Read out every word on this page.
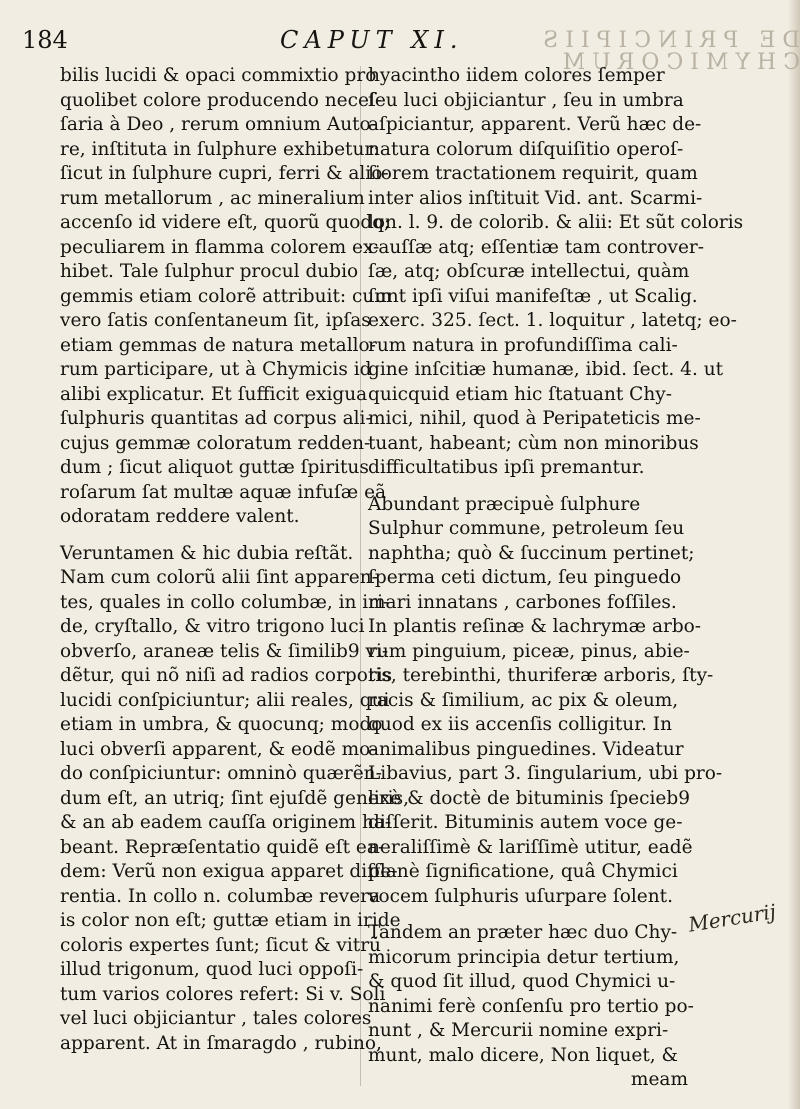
184	CAPUT XI.	DE PRINCIPIIS CHYMICORUM
bilis lucidi & opaci commixtio pro
quolibet colore producendo neceſ-
ſaria à Deo , rerum omnium Auto-
re, inſtituta in ſulphure exhibetur:
ſicut in ſulphure cupri, ferri & alio-
rum metallorum , ac mineralium
accenſo id videre eſt, quorũ quodq;
peculiarem in flamma colorem ex-
hibet. Tale ſulphur procul dubio
gemmis etiam colorẽ attribuit: cum
vero ſatis conſentaneum ſit, ipſas
etiam gemmas de natura metallo-
rum participare, ut à Chymicis id
alibi explicatur. Et ſufficit exigua
ſulphuris quantitas ad corpus ali-
cujus gemmæ coloratum redden-
dum ; ſicut aliquot guttæ ſpiritus
roſarum ſat multæ aquæ infuſæ eã
odoratam reddere valent.
Veruntamen & hic dubia reſtãt.
Nam cum colorũ alii ſint apparen-
tes, quales in collo columbæ, in iri-
de, cryſtallo, & vitro trigono luci
obverſo, araneæ telis & ſimilib9 vi-
dẽtur, qui nõ niſi ad radios corporis
lucidi conſpiciuntur; alii reales, qui
etiam in umbra, & quocunq; modo
luci obverſi apparent, & eodẽ mo-
do conſpiciuntur: omninò quærẽn-
dum eſt, an utriq; ſint ejuſdẽ generis,
& an ab eadem cauſſa originem ha-
beant. Repræſentatio quidẽ eſt ea-
dem: Verũ non exigua apparet diffe-
rentia. In collo n. columbæ revera
is color non eſt; guttæ etiam in iride
coloris expertes ſunt; ſicut & vitrũ
illud trigonum, quod luci oppoſi-
tum varios colores refert: Si v. Soli
vel luci objiciantur , tales colores
apparent. At in ſmaragdo , rubino,
hyacintho iidem colores ſemper
ſeu luci objiciantur , ſeu in umbra
aſpiciantur, apparent. Verũ hæc de-
natura colorum diſquiſitio operoſ-
ſiorem tractationem requirit, quam
inter alios inſtituit Vid. ant. Scarmi-
lon. l. 9. de colorib. & alii: Et sũt coloris
cauſſæ atq; eſſentiæ tam controver-
ſæ, atq; obſcuræ intellectui, quàm
ſunt ipſi viſui manifeſtæ , ut Scalig.
exerc. 325. ſect. 1. loquitur , latetq; eo-
rum natura in profundiſſima cali-
gine inſcitiæ humanæ, ibid. ſect. 4. ut
quicquid etiam hic ſtatuant Chy-
mici, nihil, quod à Peripateticis me-
tuant, habeant; cùm non minoribus
difficultatibus ipſi premantur.
Abundant præcipuè ſulphure
Sulphur commune, petroleum ſeu
naphtha; quò & ſuccinum pertinet;
ſperma ceti dictum, ſeu pinguedo
mari innatans , carbones foſſiles.
In plantis reſinæ & lachrymæ arbo-
rum pinguium, piceæ, pinus, abie-
tis, terebinthi, thuriferæ arboris, ſty-
racis & ſimilium, ac pix & oleum,
quod ex iis accenſis colligitur. In
animalibus pinguedines. Videatur
Libavius, part 3. ſingularium, ubi pro-
lixè & doctè de bituminis ſpecieb9
diſſerit. Bituminis autem voce ge-
neraliſſimè & lariſſimè utitur, eadẽ
planè ſignificatione, quâ Chymici
vocem ſulphuris uſurpare ſolent.
Tandem an præter hæc duo Chy-
micorum principia detur tertium,
& quod ſit illud, quod Chymici u-
nanimi ferè conſenſu pro tertio po-
nunt , & Mercurii nomine expri-
munt, malo dicere, Non liquet, &
meam
Mercurij
